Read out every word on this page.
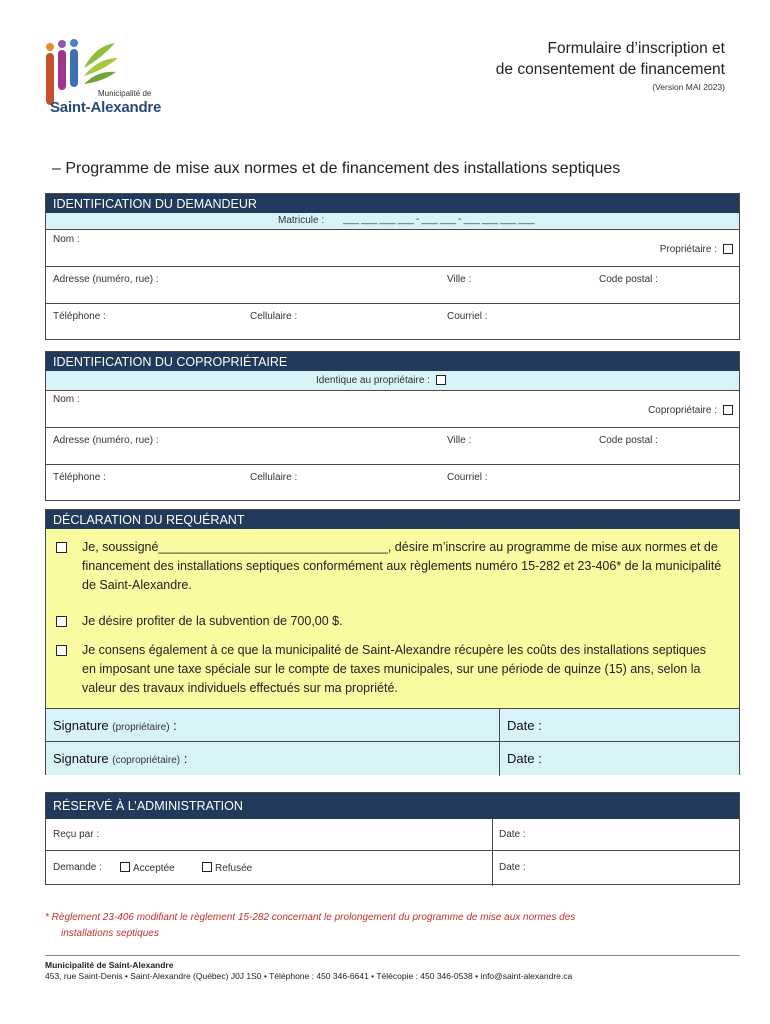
Municipalité de
Saint-Alexandre
Formulaire d’inscription et
de consentement de financement
(Version MAI 2023)
– Programme de mise aux normes et de financement des installations septiques
IDENTIFICATION DU DEMANDEUR
Matricule : ___ ___ ___ ___ - ___ ___ - ___ ___ ___ ___
Nom :
Propriétaire :
Adresse (numéro, rue) :	Ville :	Code postal :
Téléphone :	Cellulaire :	Courriel :
IDENTIFICATION DU COPROPRIÉTAIRE
Identique au propriétaire :
Nom :
Copropriétaire :
Adresse (numéro, rue) :	Ville :	Code postal :
Téléphone :	Cellulaire :	Courriel :
DÉCLARATION DU REQUÉRANT
Je, soussigné_________________________________, désire m’inscrire au programme de mise aux normes et de financement des installations septiques conformément aux règlements numéro 15-282 et 23-406* de la municipalité de Saint-Alexandre.
Je désire profiter de la subvention de 700,00 $.
Je consens également à ce que la municipalité de Saint-Alexandre récupère les coûts des installations septiques en imposant une taxe spéciale sur le compte de taxes municipales, sur une période de quinze (15) ans, selon la valeur des travaux individuels effectués sur ma propriété.
Signature (propriétaire) :	Date :
Signature (copropriétaire) :	Date :
RÉSERVÉ À L’ADMINISTRATION
Reçu par :	Date :
Demande :	Acceptée	Refusée	Date :
* Règlement 23-406 modifiant le règlement 15-282 concernant le prolongement du programme de mise aux normes des
installations septiques
Municipalité de Saint-Alexandre
453, rue Saint-Denis • Saint-Alexandre (Québec) J0J 1S0 • Téléphone : 450 346-6641 • Télécopie : 450 346-0538 • info@saint-alexandre.ca
